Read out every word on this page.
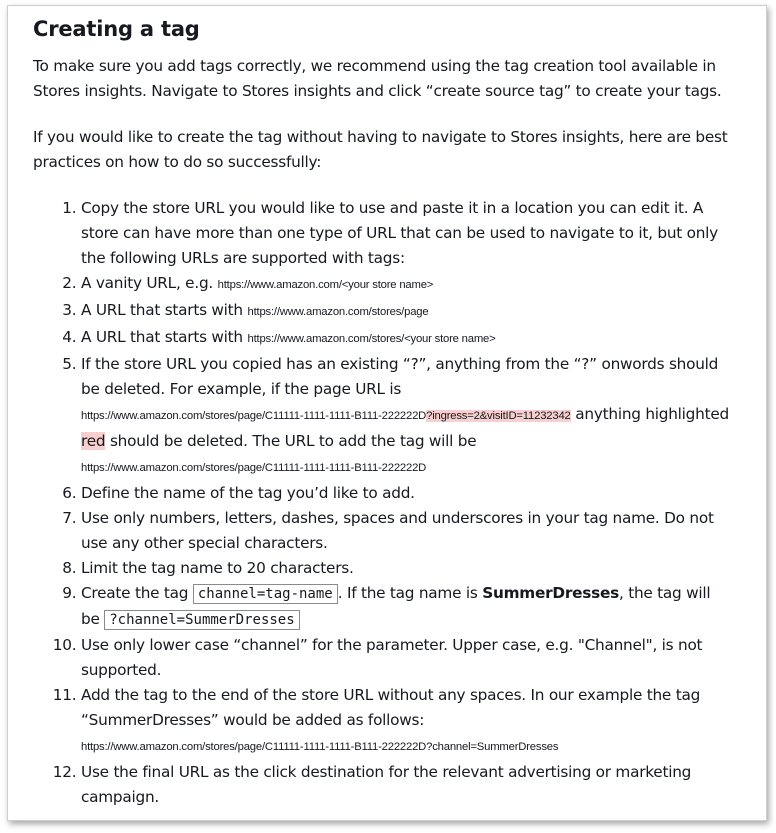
Creating a tag

To make sure you add tags correctly, we recommend using the tag creation tool available in Stores insights. Navigate to Stores insights and click “create source tag” to create your tags.

If you would like to create the tag without having to navigate to Stores insights, here are best practices on how to do so successfully:

1. Copy the store URL you would like to use and paste it in a location you can edit it. A store can have more than one type of URL that can be used to navigate to it, but only the following URLs are supported with tags:
2. A vanity URL, e.g. https://www.amazon.com/<your store name>
3. A URL that starts with https://www.amazon.com/stores/page
4. A URL that starts with https://www.amazon.com/stores/<your store name>
5. If the store URL you copied has an existing “?”, anything from the “?” onwords should be deleted. For example, if the page URL is
https://www.amazon.com/stores/page/C11111-1111-1111-B111-222222D?ingress=2&visitID=11232342 anything highlighted red should be deleted. The URL to add the tag will be
https://www.amazon.com/stores/page/C11111-1111-1111-B111-222222D
6. Define the name of the tag you’d like to add.
7. Use only numbers, letters, dashes, spaces and underscores in your tag name. Do not use any other special characters.
8. Limit the tag name to 20 characters.
9. Create the tag channel=tag-name . If the tag name is SummerDresses, the tag will be ?channel=SummerDresses
10. Use only lower case “channel” for the parameter. Upper case, e.g. "Channel", is not supported.
11. Add the tag to the end of the store URL without any spaces. In our example the tag “SummerDresses” would be added as follows:
https://www.amazon.com/stores/page/C11111-1111-1111-B111-222222D?channel=SummerDresses
12. Use the final URL as the click destination for the relevant advertising or marketing campaign.
